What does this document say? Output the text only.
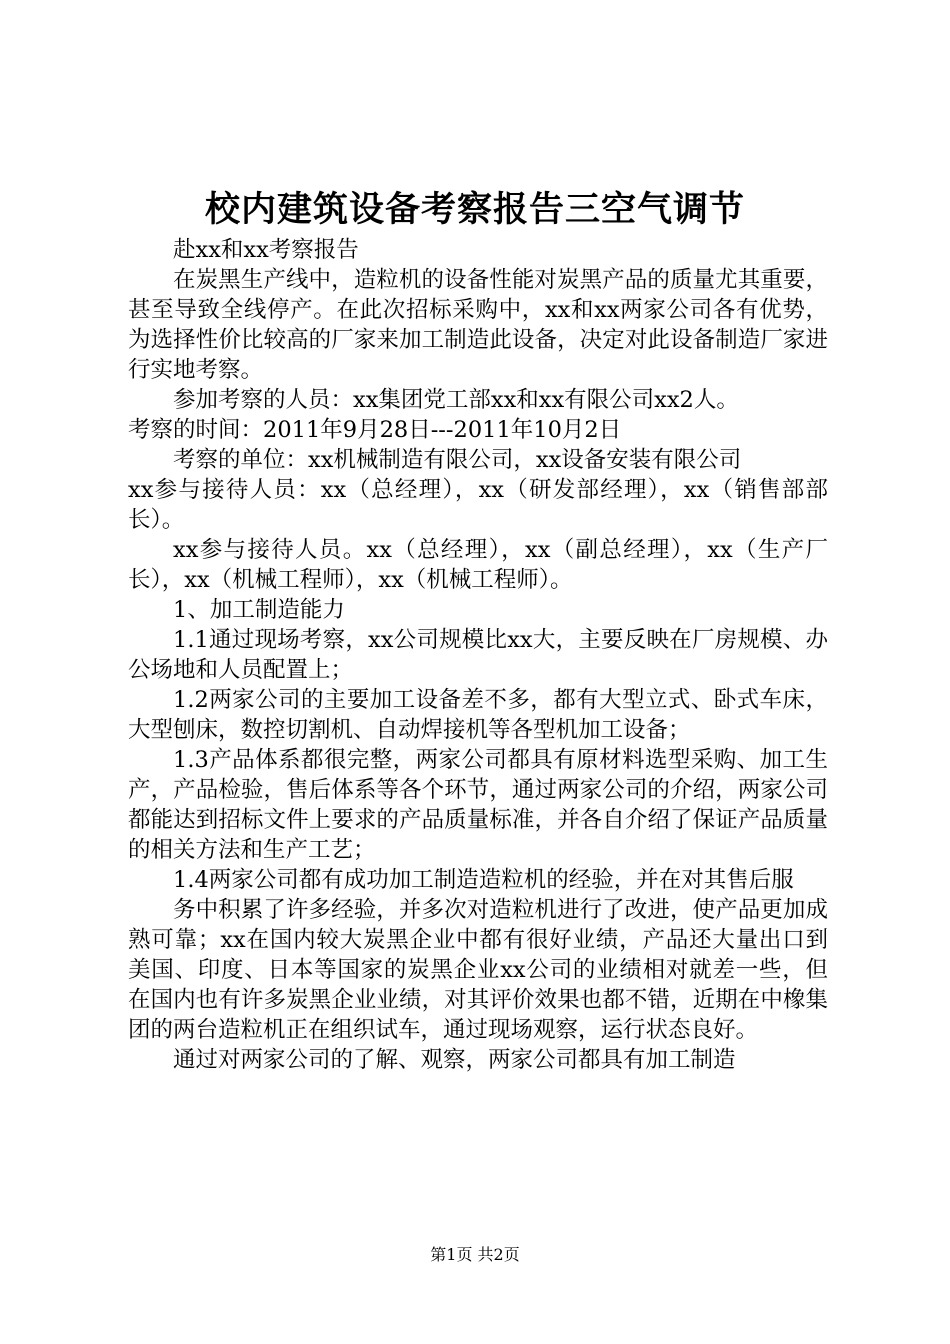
校内建筑设备考察报告三空气调节

赴xx和xx考察报告

在炭黑生产线中，造粒机的设备性能对炭黑产品的质量尤其重要，甚至导致全线停产。在此次招标采购中，xx和xx两家公司各有优势，为选择性价比较高的厂家来加工制造此设备，决定对此设备制造厂家进行实地考察。

参加考察的人员：xx集团党工部xx和xx有限公司xx2人。

考察的时间：2011年9月28日---2011年10月2日

考察的单位：xx机械制造有限公司，xx设备安装有限公司

xx参与接待人员：xx（总经理），xx（研发部经理），xx（销售部部长）。

xx参与接待人员。xx（总经理），xx（副总经理），xx（生产厂长），xx（机械工程师），xx（机械工程师）。

1、加工制造能力

1.1通过现场考察，xx公司规模比xx大，主要反映在厂房规模、办公场地和人员配置上；

1.2两家公司的主要加工设备差不多，都有大型立式、卧式车床，大型刨床，数控切割机、自动焊接机等各型机加工设备；

1.3产品体系都很完整，两家公司都具有原材料选型采购、加工生产，产品检验，售后体系等各个环节，通过两家公司的介绍，两家公司都能达到招标文件上要求的产品质量标准，并各自介绍了保证产品质量的相关方法和生产工艺；

1.4两家公司都有成功加工制造造粒机的经验，并在对其售后服

务中积累了许多经验，并多次对造粒机进行了改进，使产品更加成熟可靠；xx在国内较大炭黑企业中都有很好业绩，产品还大量出口到美国、印度、日本等国家的炭黑企业xx公司的业绩相对就差一些，但在国内也有许多炭黑企业业绩，对其评价效果也都不错，近期在中橡集团的两台造粒机正在组织试车，通过现场观察，运行状态良好。

通过对两家公司的了解、观察，两家公司都具有加工制造

第1页 共2页
